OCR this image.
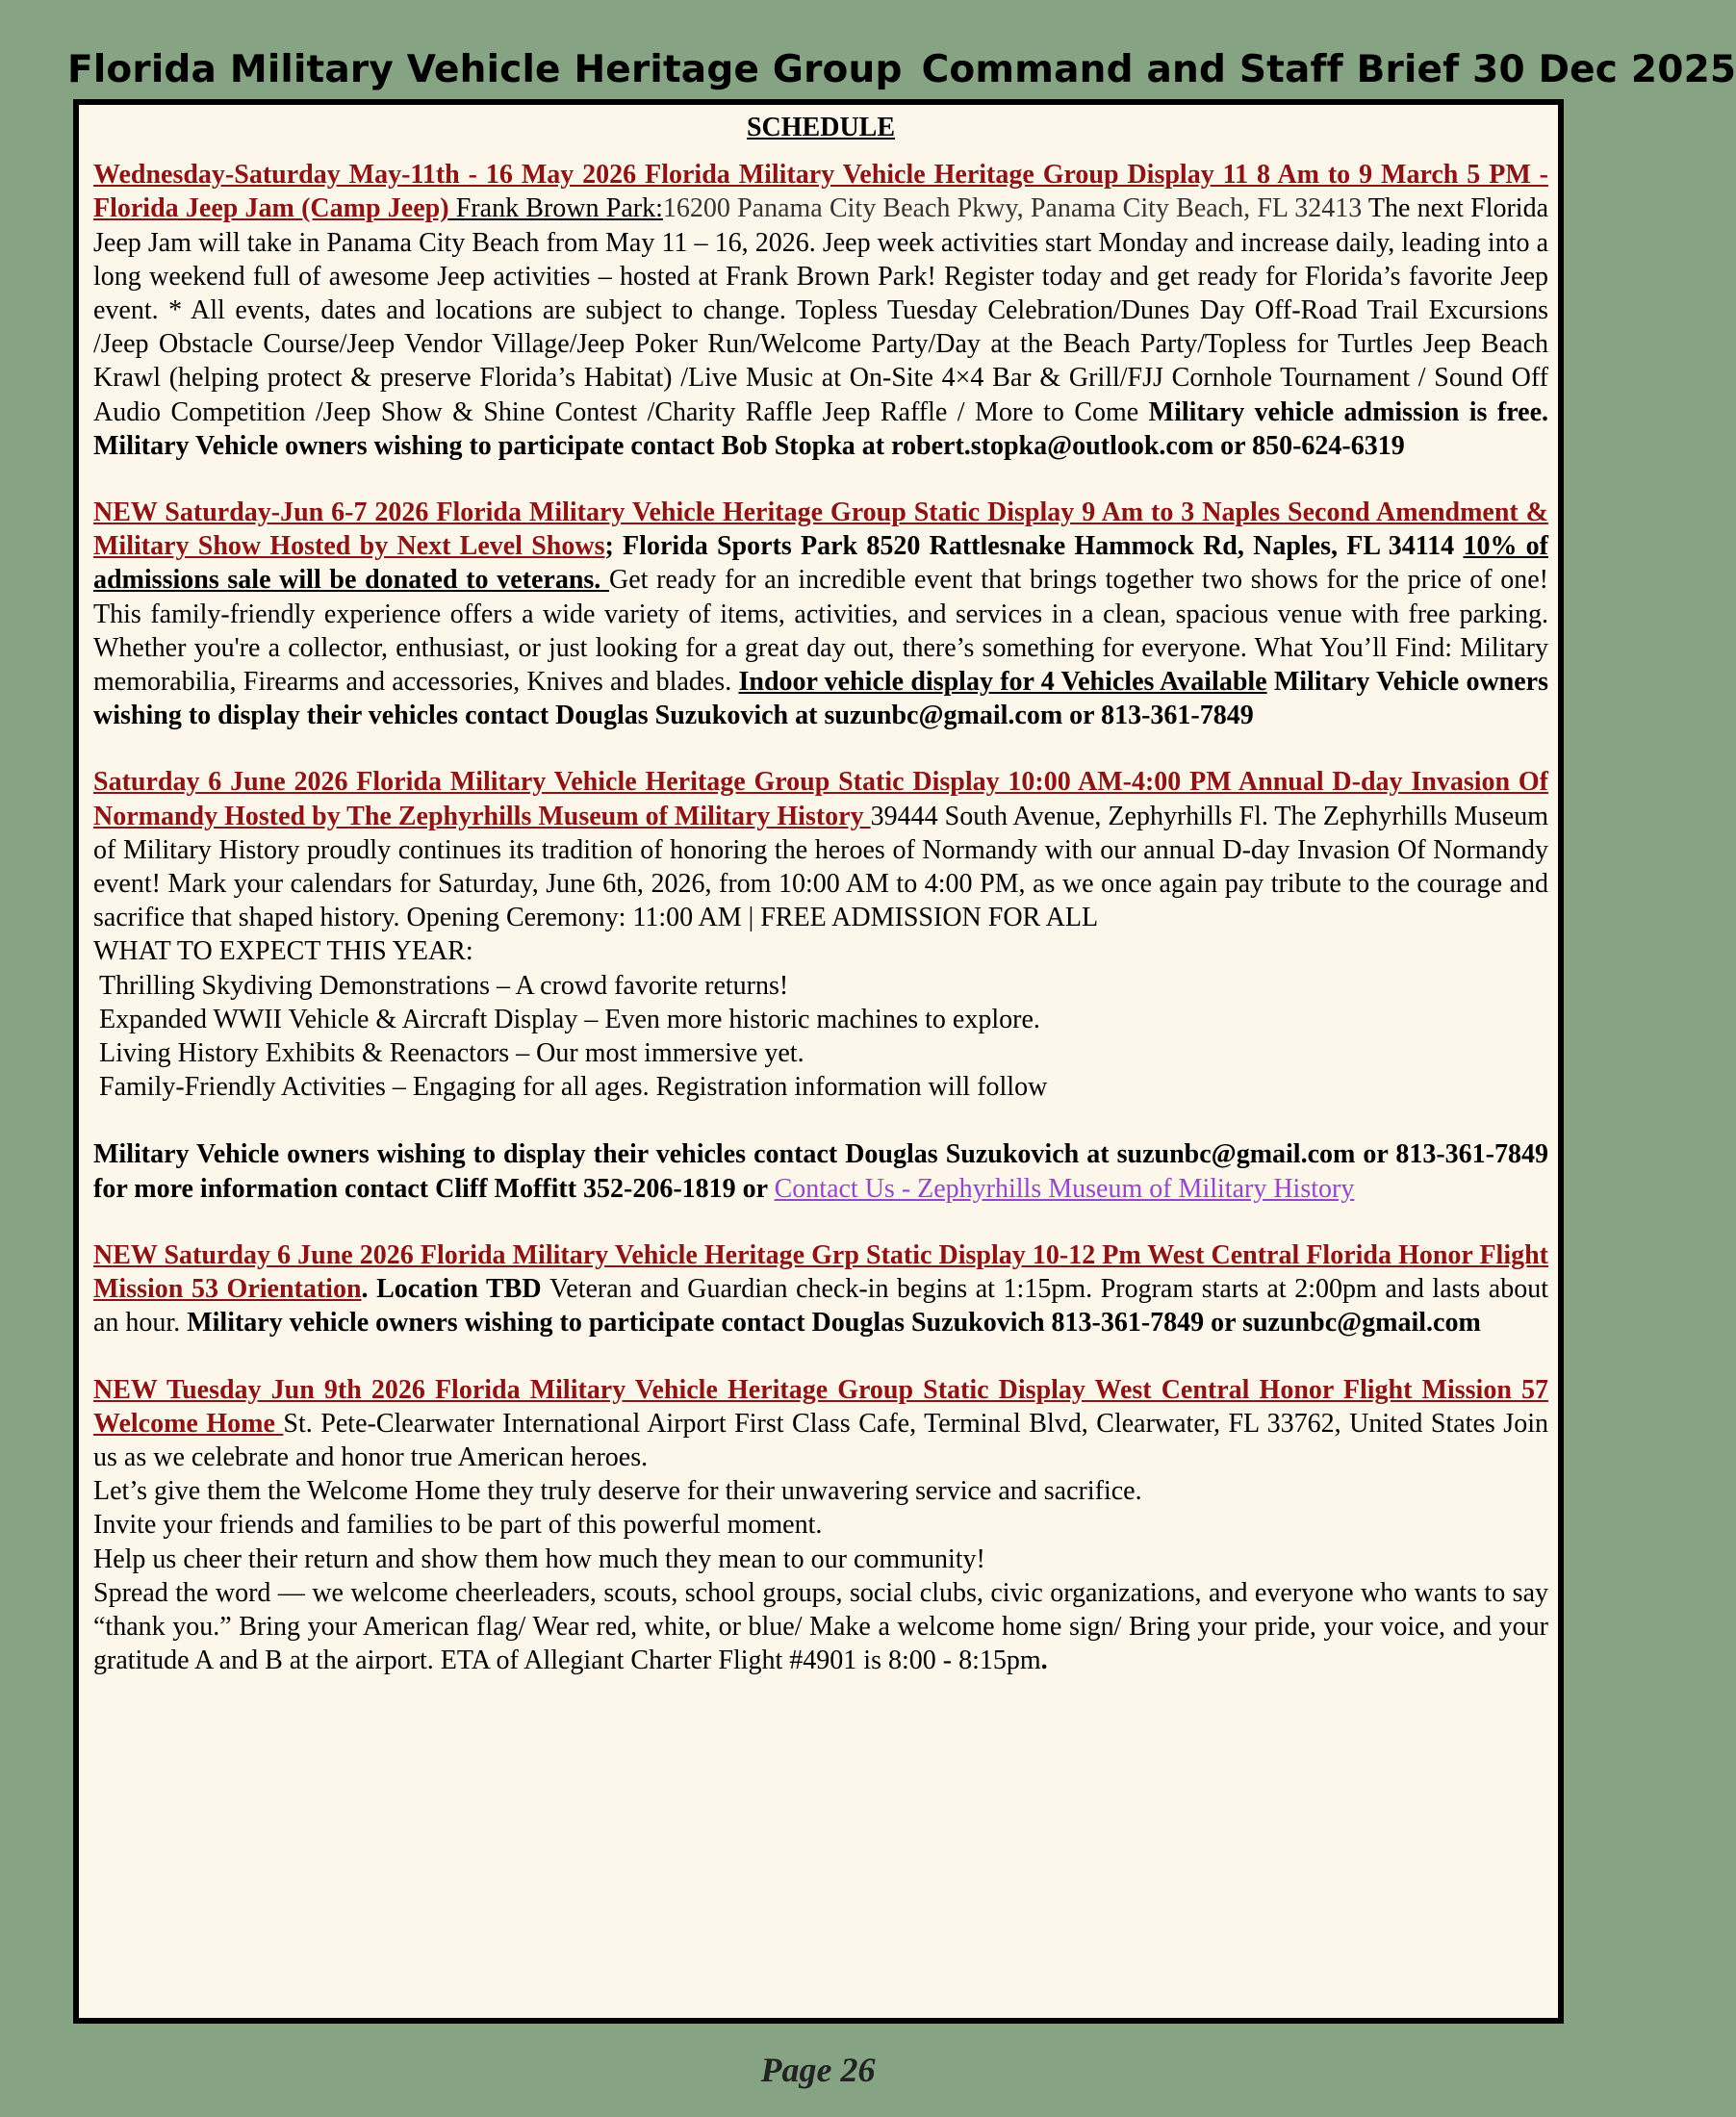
Florida Military Vehicle Heritage Group Command and Staff Brief 30 Dec 2025
SCHEDULE
Wednesday-Saturday May-11th - 16 May 2026 Florida Military Vehicle Heritage Group Display 11 8 Am to 9 March 5 PM - Florida Jeep Jam (Camp Jeep) Frank Brown Park:16200 Panama City Beach Pkwy, Panama City Beach, FL 32413 The next Florida Jeep Jam will take in Panama City Beach from May 11 – 16, 2026. Jeep week activities start Monday and increase daily, leading into a long weekend full of awesome Jeep activities – hosted at Frank Brown Park! Register today and get ready for Florida’s favorite Jeep event. * All events, dates and locations are subject to change. Topless Tuesday Celebration/Dunes Day Off-Road Trail Excursions /Jeep Obstacle Course/Jeep Vendor Village/Jeep Poker Run/Welcome Party/Day at the Beach Party/Topless for Turtles Jeep Beach Krawl (helping protect & preserve Florida’s Habitat) /Live Music at On-Site 4×4 Bar & Grill/FJJ Cornhole Tournament / Sound Off Audio Competition /Jeep Show & Shine Contest /Charity Raffle Jeep Raffle / More to Come Military vehicle admission is free. Military Vehicle owners wishing to participate contact Bob Stopka at robert.stopka@outlook.com or 850-624-6319
NEW Saturday-Jun 6-7 2026 Florida Military Vehicle Heritage Group Static Display 9 Am to 3 Naples Second Amendment & Military Show Hosted by Next Level Shows; Florida Sports Park 8520 Rattlesnake Hammock Rd, Naples, FL 34114 10% of admissions sale will be donated to veterans. Get ready for an incredible event that brings together two shows for the price of one! This family-friendly experience offers a wide variety of items, activities, and services in a clean, spacious venue with free parking. Whether you're a collector, enthusiast, or just looking for a great day out, there’s something for everyone. What You’ll Find: Military memorabilia, Firearms and accessories, Knives and blades. Indoor vehicle display for 4 Vehicles Available Military Vehicle owners wishing to display their vehicles contact Douglas Suzukovich at suzunbc@gmail.com or 813-361-7849
Saturday 6 June 2026 Florida Military Vehicle Heritage Group Static Display 10:00 AM-4:00 PM Annual D-day Invasion Of Normandy Hosted by The Zephyrhills Museum of Military History 39444 South Avenue, Zephyrhills Fl. The Zephyrhills Museum of Military History proudly continues its tradition of honoring the heroes of Normandy with our annual D-day Invasion Of Normandy event! Mark your calendars for Saturday, June 6th, 2026, from 10:00 AM to 4:00 PM, as we once again pay tribute to the courage and sacrifice that shaped history. Opening Ceremony: 11:00 AM | FREE ADMISSION FOR ALL
WHAT TO EXPECT THIS YEAR:
Thrilling Skydiving Demonstrations – A crowd favorite returns!
Expanded WWII Vehicle & Aircraft Display – Even more historic machines to explore.
Living History Exhibits & Reenactors – Our most immersive yet.
Family-Friendly Activities – Engaging for all ages. Registration information will follow
Military Vehicle owners wishing to display their vehicles contact Douglas Suzukovich at suzunbc@gmail.com or 813-361-7849 for more information contact Cliff Moffitt 352-206-1819 or Contact Us - Zephyrhills Museum of Military History
NEW Saturday 6 June 2026 Florida Military Vehicle Heritage Grp Static Display 10-12 Pm West Central Florida Honor Flight Mission 53 Orientation. Location TBD Veteran and Guardian check-in begins at 1:15pm. Program starts at 2:00pm and lasts about an hour. Military vehicle owners wishing to participate contact Douglas Suzukovich 813-361-7849 or suzunbc@gmail.com
NEW Tuesday Jun 9th 2026 Florida Military Vehicle Heritage Group Static Display West Central Honor Flight Mission 57 Welcome Home St. Pete-Clearwater International Airport First Class Cafe, Terminal Blvd, Clearwater, FL 33762, United States Join us as we celebrate and honor true American heroes.
Let’s give them the Welcome Home they truly deserve for their unwavering service and sacrifice.
Invite your friends and families to be part of this powerful moment.
Help us cheer their return and show them how much they mean to our community!
Spread the word — we welcome cheerleaders, scouts, school groups, social clubs, civic organizations, and everyone who wants to say “thank you.” Bring your American flag/ Wear red, white, or blue/ Make a welcome home sign/ Bring your pride, your voice, and your gratitude A and B at the airport. ETA of Allegiant Charter Flight #4901 is 8:00 - 8:15pm.
Page 26
